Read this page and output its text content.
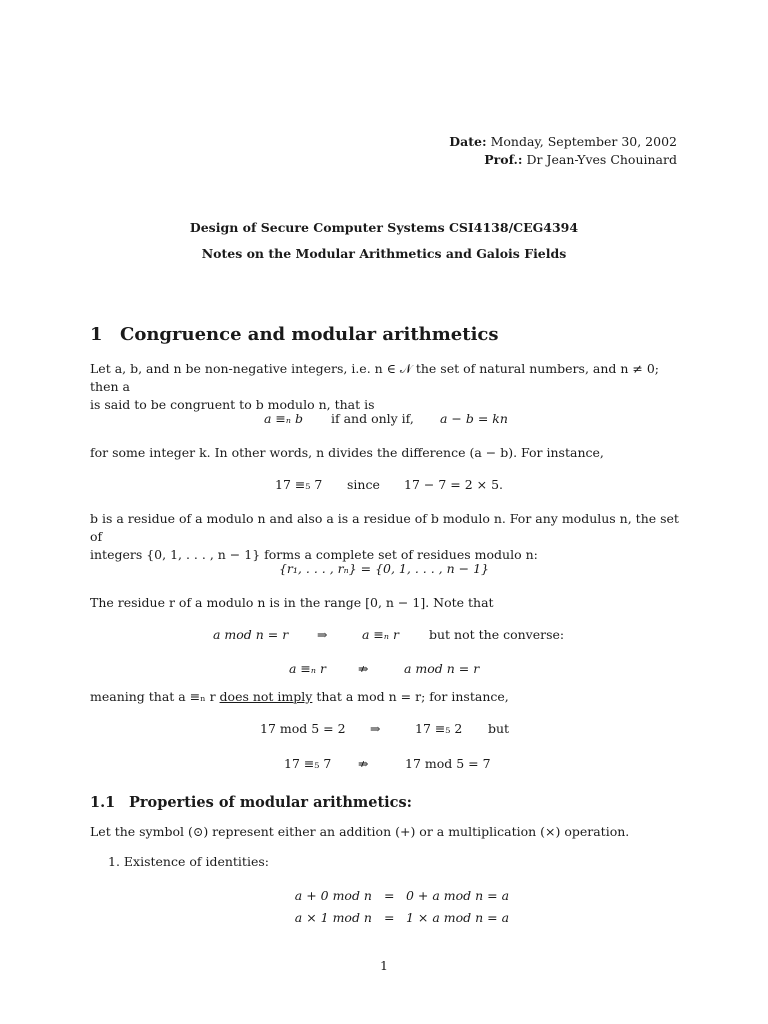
Date: Monday, September 30, 2002
Prof.: Dr Jean-Yves Chouinard
Design of Secure Computer Systems CSI4138/CEG4394
Notes on the Modular Arithmetics and Galois Fields
1 Congruence and modular arithmetics
Let a, b, and n be non-negative integers, i.e. n ∈ 𝒩 the set of natural numbers, and n ≠ 0; then a
is said to be congruent to b modulo n, that is
a ≡ₙ b if and only if, a − b = kn
for some integer k. In other words, n divides the difference (a − b). For instance,
17 ≡₅ 7 since 17 − 7 = 2 × 5.
b is a residue of a modulo n and also a is a residue of b modulo n. For any modulus n, the set of
integers {0, 1, . . . , n − 1} forms a complete set of residues modulo n:
{r₁, . . . , rₙ} = {0, 1, . . . , n − 1}
The residue r of a modulo n is in the range [0, n − 1]. Note that
a mod n = r ⇒	a ≡ₙ r but not the converse:
a ≡ₙ r	⇏	a mod n = r
meaning that a ≡ₙ r does not imply that a mod n = r; for instance,
17 mod 5 = 2 ⇒	17 ≡₅ 2 but
17 ≡₅ 7 ⇏	17 mod 5 = 7
1.1 Properties of modular arithmetics:
Let the symbol (⊙) represent either an addition (+) or a multiplication (×) operation.
1. Existence of identities:
a + 0 mod n = 0 + a mod n = a
a × 1 mod n = 1 × a mod n = a
1
